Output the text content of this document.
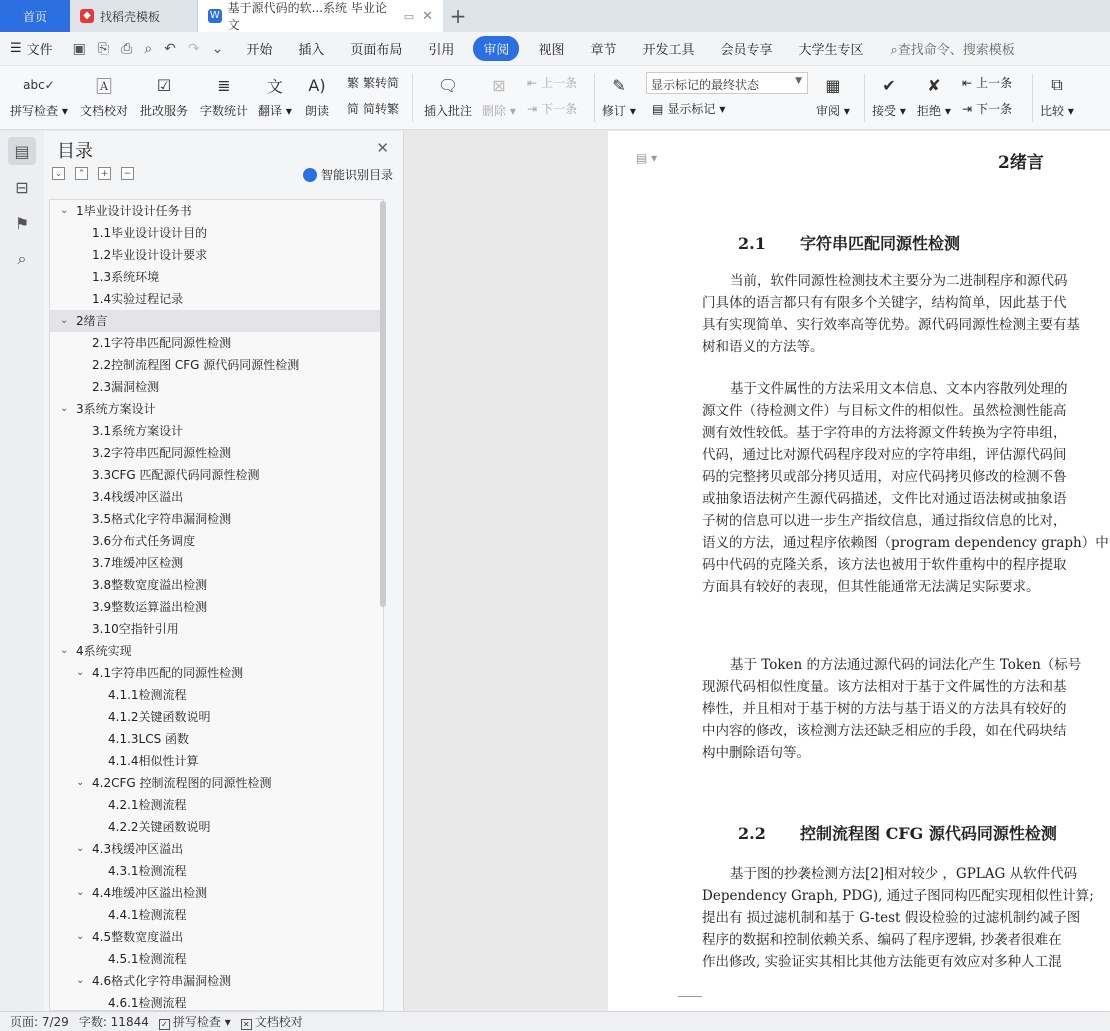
首页	◆ 找稻壳模板	W
基于源代码的软...系统 毕业论文
▭ ✕ +
☰ 文件 ▣ ⎘ ⎙ ⌕ ↶ ↷ ⌄	开始	插入	页面布局	引用	审阅	视图	章节	开发工具	会员专享	大学生专区	⌕查找命令、搜索模板
abc✓
拼写检查 ▾
🄰
文档校对
☑
批改服务
≣
字数统计
文
翻译 ▾
A)
朗读
繁 繁转简
简 简转繁
🗨
插入批注
⊠
删除 ▾
⇤ 上一条
⇥ 下一条
✎
修订 ▾
显示标记的最终状态	▼
▤ 显示标记 ▾
▦
审阅 ▾
✔
接受 ▾
✘
拒绝 ▾
⇤ 上一条
⇥ 下一条
⧉
比较 ▾
▤
⊟
⚑
⌕
目录	✕
⌄	⌃	+	−	智能识别目录
⌄ 1毕业设计设计任务书
1.1毕业设计设计目的
1.2毕业设计设计要求
1.3系统环境
1.4实验过程记录
⌄ 2绪言
2.1字符串匹配同源性检测
2.2控制流程图 CFG 源代码同源性检测
2.3漏洞检测
⌄ 3系统方案设计
3.1系统方案设计
3.2字符串匹配同源性检测
3.3CFG 匹配源代码同源性检测
3.4栈缓冲区溢出
3.5格式化字符串漏洞检测
3.6分布式任务调度
3.7堆缓冲区检测
3.8整数宽度溢出检测
3.9整数运算溢出检测
3.10空指针引用
⌄ 4系统实现
⌄ 4.1字符串匹配的同源性检测
4.1.1检测流程
4.1.2关键函数说明
4.1.3LCS 函数
4.1.4相似性计算
⌄ 4.2CFG 控制流程图的同源性检测
4.2.1检测流程
4.2.2关键函数说明
⌄ 4.3栈缓冲区溢出
4.3.1检测流程
⌄ 4.4堆缓冲区溢出检测
4.4.1检测流程
⌄ 4.5整数宽度溢出
4.5.1检测流程
⌄ 4.6格式化字符串漏洞检测
4.6.1检测流程
▤ ▾	2绪言
2.1 字符串匹配同源性检测
当前，软件同源性检测技术主要分为二进制程序和源代码
门具体的语言都只有有限多个关键字，结构简单，因此基于代
具有实现简单、实行效率高等优势。源代码同源性检测主要有基
树和语义的方法等。
基于文件属性的方法采用文本信息、文本内容散列处理的
源文件（待检测文件）与目标文件的相似性。虽然检测性能高
测有效性较低。基于字符串的方法将源文件转换为字符串组，
代码，通过比对源代码程序段对应的字符串组，评估源代码间
码的完整拷贝或部分拷贝适用，对应代码拷贝修改的检测不鲁
或抽象语法树产生源代码描述，文件比对通过语法树或抽象语
子树的信息可以进一步生产指纹信息，通过指纹信息的比对，
语义的方法，通过程序依赖图（program dependency graph）中
码中代码的克隆关系，该方法也被用于软件重构中的程序提取
方面具有较好的表现，但其性能通常无法满足实际要求。
基于 Token 的方法通过源代码的词法化产生 Token（标号
现源代码相似性度量。该方法相对于基于文件属性的方法和基
棒性，并且相对于基于树的方法与基于语义的方法具有较好的
中内容的修改，该检测方法还缺乏相应的手段，如在代码块结
构中删除语句等。
2.2 控制流程图 CFG 源代码同源性检测
基于图的抄袭检测方法[2]相对较少 ，GPLAG 从软件代码
Dependency Graph, PDG), 通过子图同构匹配实现相似性计算;
提出有 损过滤机制和基于 G-test 假设检验的过滤机制约减子图
程序的数据和控制依赖关系、编码了程序逻辑, 抄袭者很难在
作出修改, 实验证实其相比其他方法能更有效应对多种人工混
页面: 7/29 字数: 11844 ✓ 拼写检查 ▾ ✕ 文档校对
